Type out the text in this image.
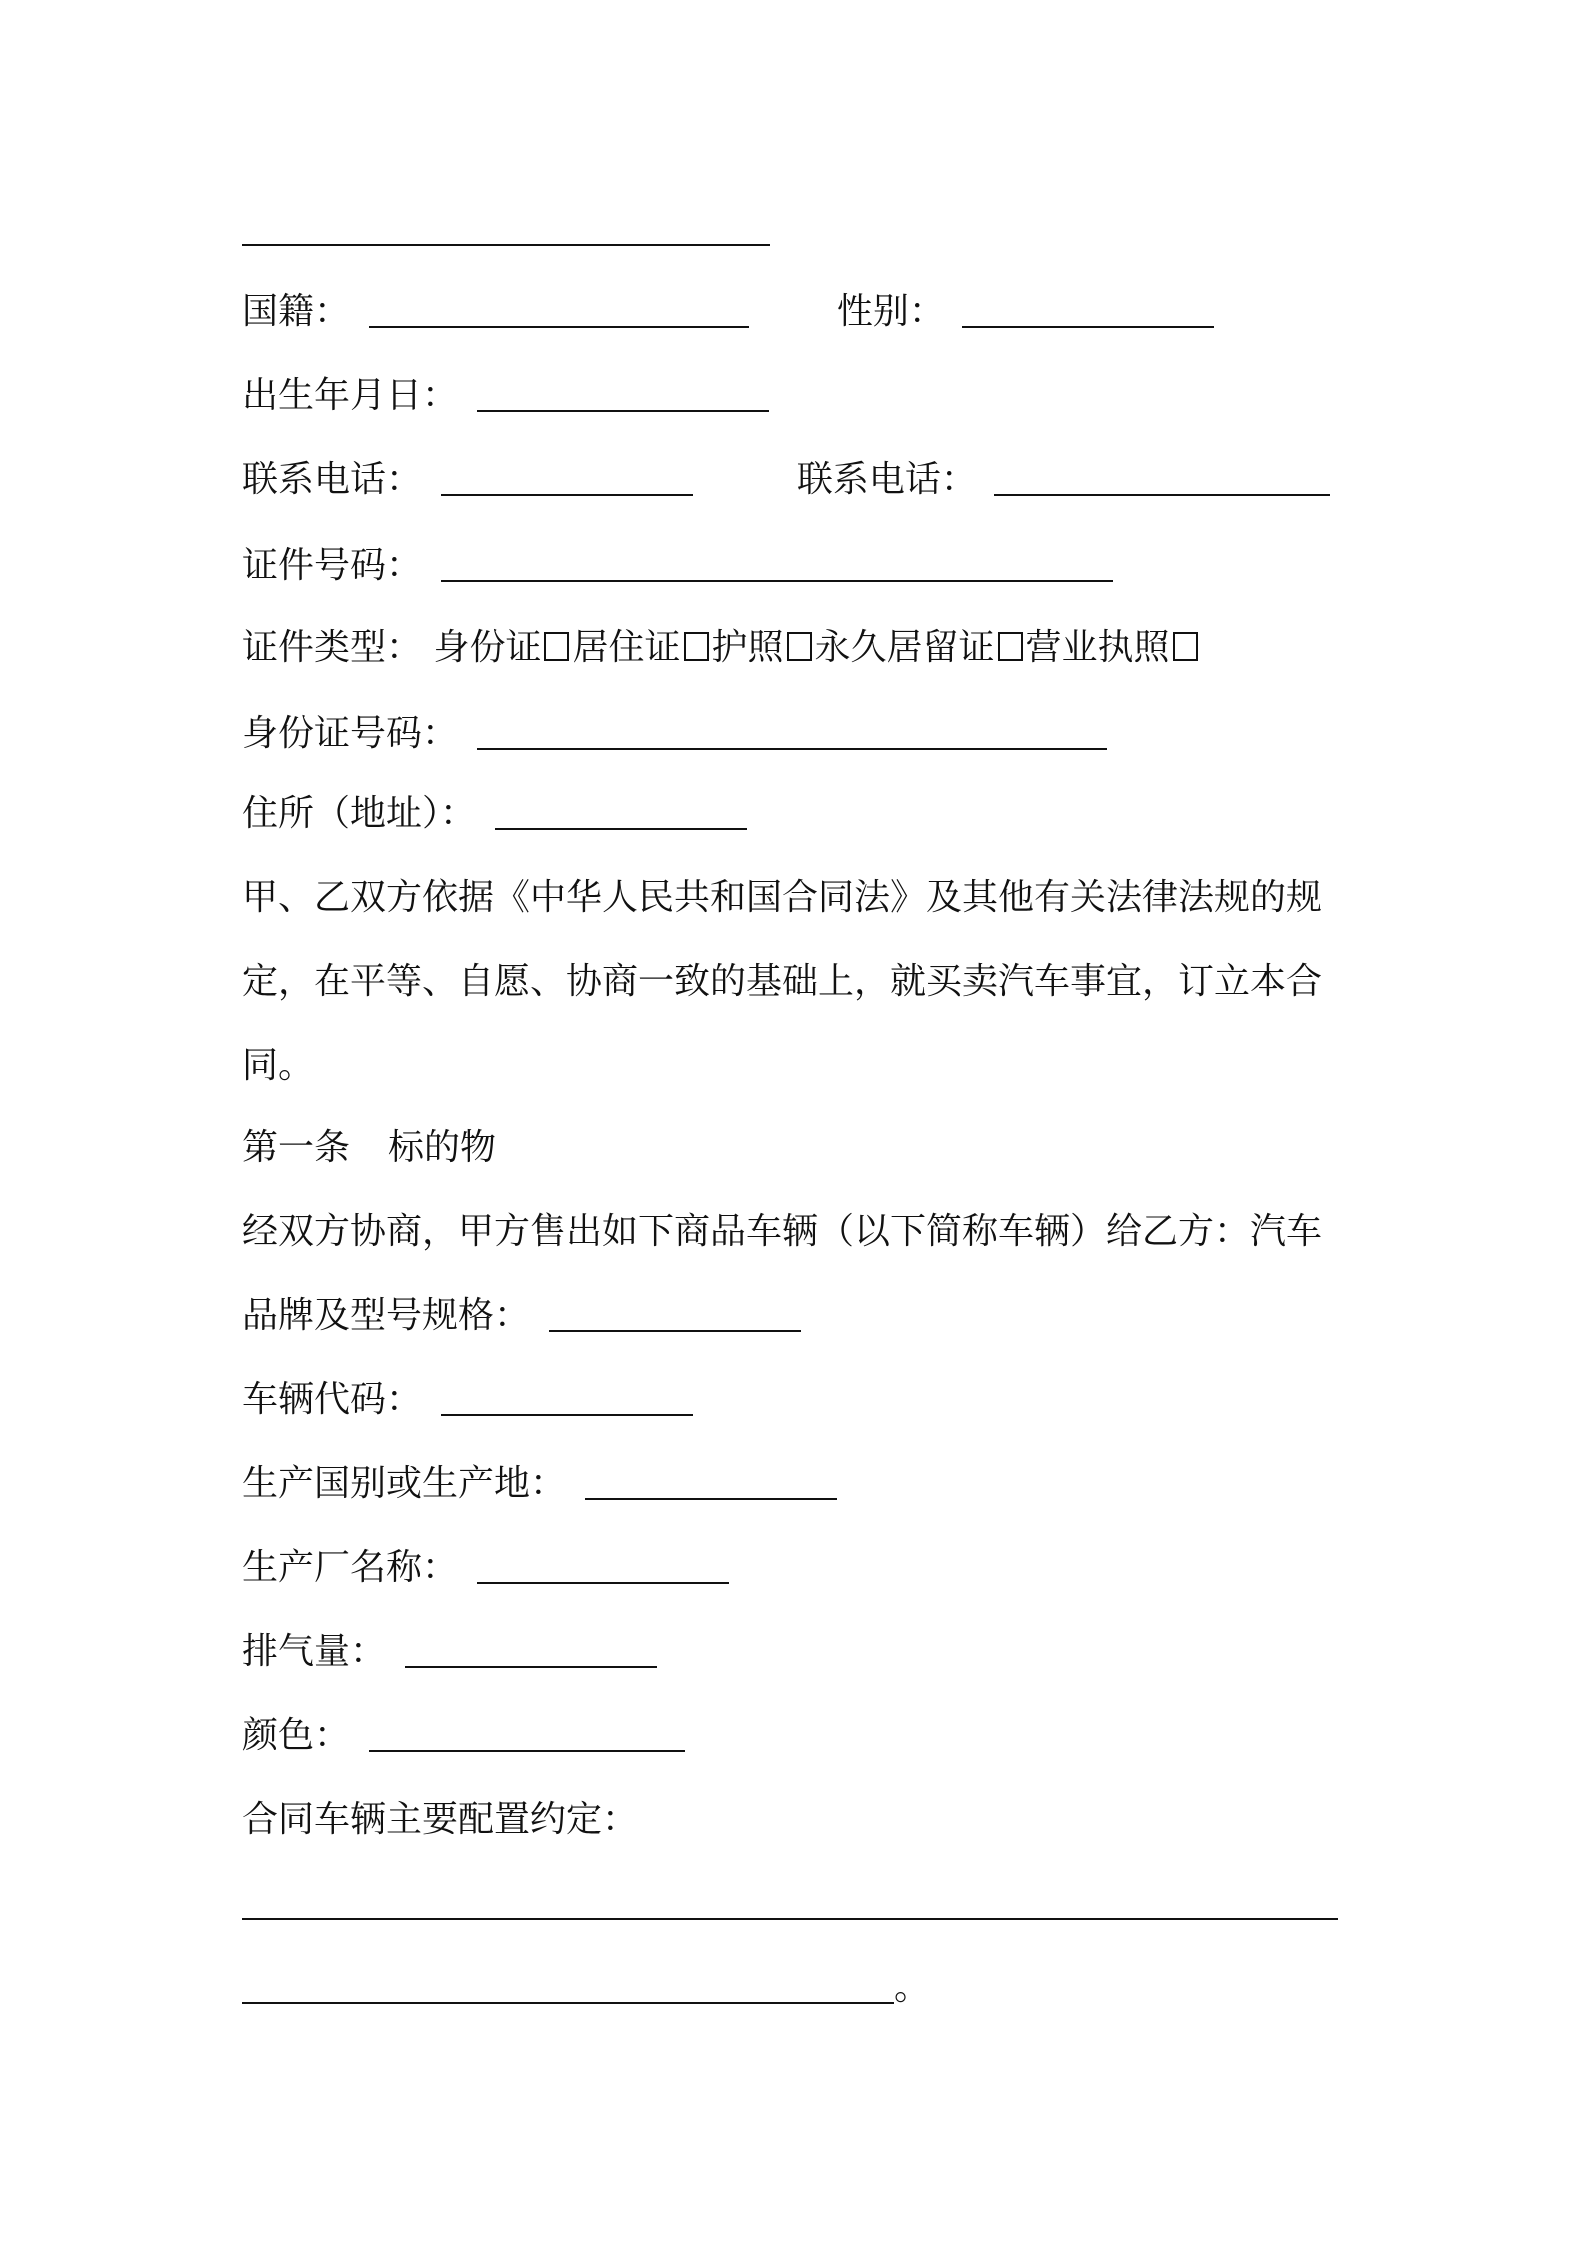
国籍：	性别：
出生年月日：
联系电话：	联系电话：
证件号码：
证件类型： 身份证 居住证 护照 永久居留证 营业执照
身份证号码：
住所（地址）：
甲、乙双方依据《中华人民共和国合同法》及其他有关法律法规的规
定，在平等、自愿、协商一致的基础上，就买卖汽车事宜，订立本合
同。
第一条 标的物
经双方协商，甲方售出如下商品车辆（以下简称车辆）给乙方：汽车
品牌及型号规格：
车辆代码：
生产国别或生产地：
生产厂名称：
排气量：
颜色：
合同车辆主要配置约定：
。
